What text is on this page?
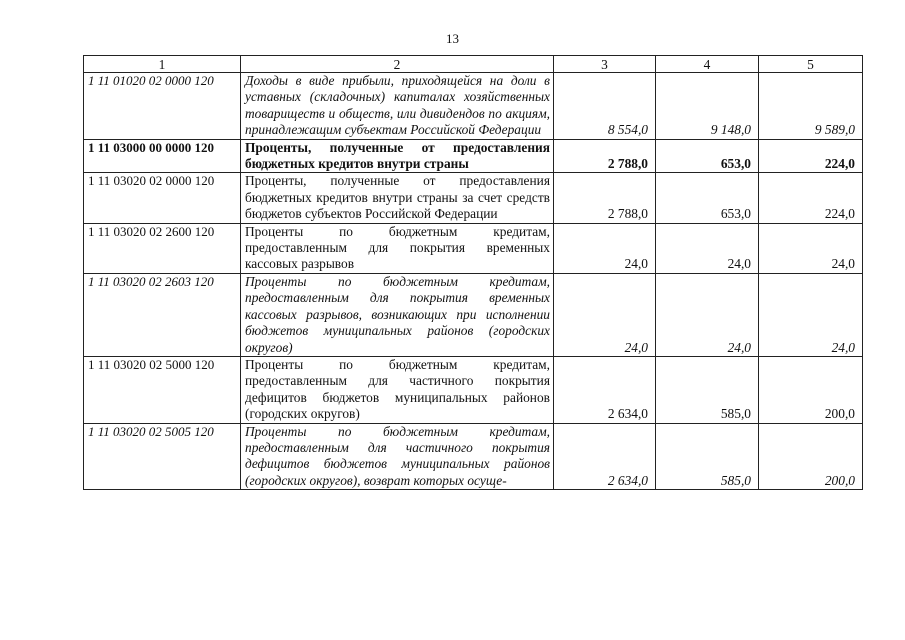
13
1	2	3	4	5
1 11 01020 02 0000 120	Доходы в виде прибыли, приходящейся на доли в уставных (складочных) капиталах хозяйственных товариществ и обществ, или дивидендов по акциям, принадлежащим субъектам Российской Федерации	8 554,0	9 148,0	9 589,0
1 11 03000 00 0000 120	Проценты, полученные от предоставления бюджетных кредитов внутри страны	2 788,0	653,0	224,0
1 11 03020 02 0000 120	Проценты, полученные от предоставления бюджетных кредитов внутри страны за счет средств бюджетов субъектов Российской Федерации	2 788,0	653,0	224,0
1 11 03020 02 2600 120	Проценты по бюджетным кредитам, предоставленным для покрытия временных кассовых разрывов	24,0	24,0	24,0
1 11 03020 02 2603 120	Проценты по бюджетным кредитам, предоставленным для покрытия временных кассовых разрывов, возникающих при исполнении бюджетов муниципальных районов (городских округов)	24,0	24,0	24,0
1 11 03020 02 5000 120	Проценты по бюджетным кредитам, предоставленным для частичного покрытия дефицитов бюджетов муниципальных районов (городских округов)	2 634,0	585,0	200,0
1 11 03020 02 5005 120	Проценты по бюджетным кредитам, предоставленным для частичного покрытия дефицитов бюджетов муниципальных районов (городских округов), возврат которых осуще-	2 634,0	585,0	200,0
